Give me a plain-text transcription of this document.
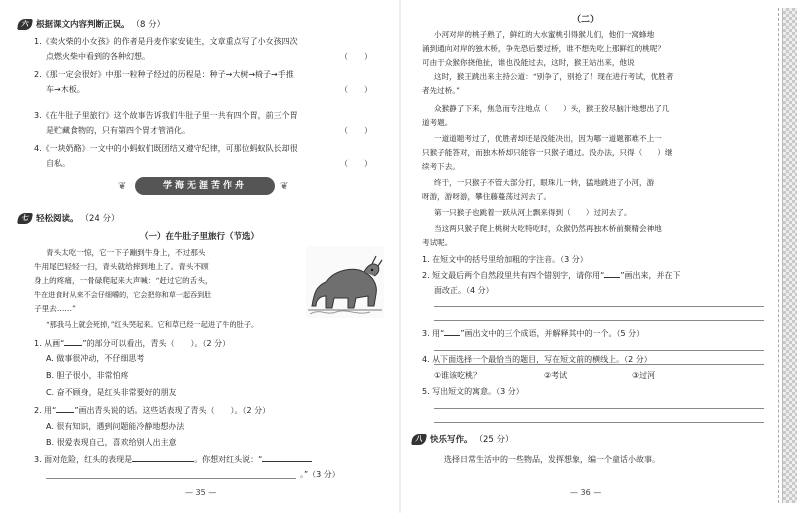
六 根据课文内容判断正误。 （8 分）
1.《卖火柴的小女孩》的作者是丹麦作家安徒生，文章重点写了小女孩四次
点燃火柴中看到的各种幻想。	（　　）
2.《那一定会很好》中那一粒种子经过的历程是：种子→大树→椅子→手推
车→木板。	（　　）
3.《在牛肚子里旅行》这个故事告诉我们牛肚子里一共有四个胃，前三个胃
是贮藏食物的，只有第四个胃才管消化。	（　　）
4.《一块奶酪》一文中的小蚂蚁们既团结又遵守纪律，可那位蚂蚁队长却很
自私。	（　　）
❦	学海无涯苦作舟	❦
七 轻松阅读。 （24 分）
（一）在牛肚子里旅行（节选）
青头太吃一惊，它一下子蹦到牛身上，不过那头
牛用尾巴轻轻一扫，青头就给摔到地上了。青头不顾
身上的疼痛，一骨碌爬起来大声喊：“赶过它的舌头，
牛在进食时从来不会仔细嚼的，它会把你和草一起吞到肚
子里去……”
“那我马上就会死掉，”红头哭起来。它和草已经一起进了牛的肚子。
1. 从画“ ”的部分可以看出，青头（　　）。（2 分）
A. 做事很冲动，不仔细思考
B. 胆子很小，非常怕疼
C. 奋不顾身，是红头非常要好的朋友
2. 用“ ”画出青头说的话。这些话表现了青头（　　）。（2 分）
A. 很有知识，遇到问题能冷静地想办法
B. 很爱表现自己，喜欢给别人出主意
3. 面对危险，红头的表现是	。你想对红头说：“
。”（3 分）
— 35 —
（二）
小河对岸的桃子熟了，鲜红的大水蜜桃引得猴儿们，他们一窝蜂地
涌到通向对岸的独木桥，争先恐后要过桥，谁不想先吃上那鲜红的桃呢？
可由于众猴你挠他扯，谁也没能过去，这时，猴王站出来，他说
这时，猴王跳出来主持公道：“别争了，别抢了！现在进行考试，优胜者
者先过桥。”
众猴静了下来，焦急而专注地点（　　）头，猴王狡尽脑汁地想出了几
道考题。
一道道题考过了，优胜者却还是没能决出，因为哪一道题都难不上一
只猴子能答对，而独木桥却只能容一只猴子通过。没办法，只得（　　）继
续考下去。
终于，一只猴子不管大部分打，眼珠儿一转，猛地跳进了小河，游
呀游，游呀游，攀住藤蔓荡过河去了。
第一只猴子也跳着一跃从河上飘来得到（　　）过河去了。
当这两只猴子爬上桃树大吃特吃时，众猴仍然再独木桥前聚精会神地
考试呢。
1. 在短文中的括号里给加粗的字注音。（3 分）
2. 短文最后两个自然段里共有四个错别字，请你用“ ”画出来，并在下
面改正。（4 分）
3. 用“ ”画出文中的三个成语，并解释其中的一个。（5 分）
4. 从下面选择一个最恰当的题目，写在短文前的横线上。（2 分）
①谁该吃桃？	②考试	③过河
5. 写出短文的寓意。（3 分）
八 快乐写作。 （25 分）
选择日常生活中的一些物品，发挥想象，编一个童话小故事。
— 36 —
